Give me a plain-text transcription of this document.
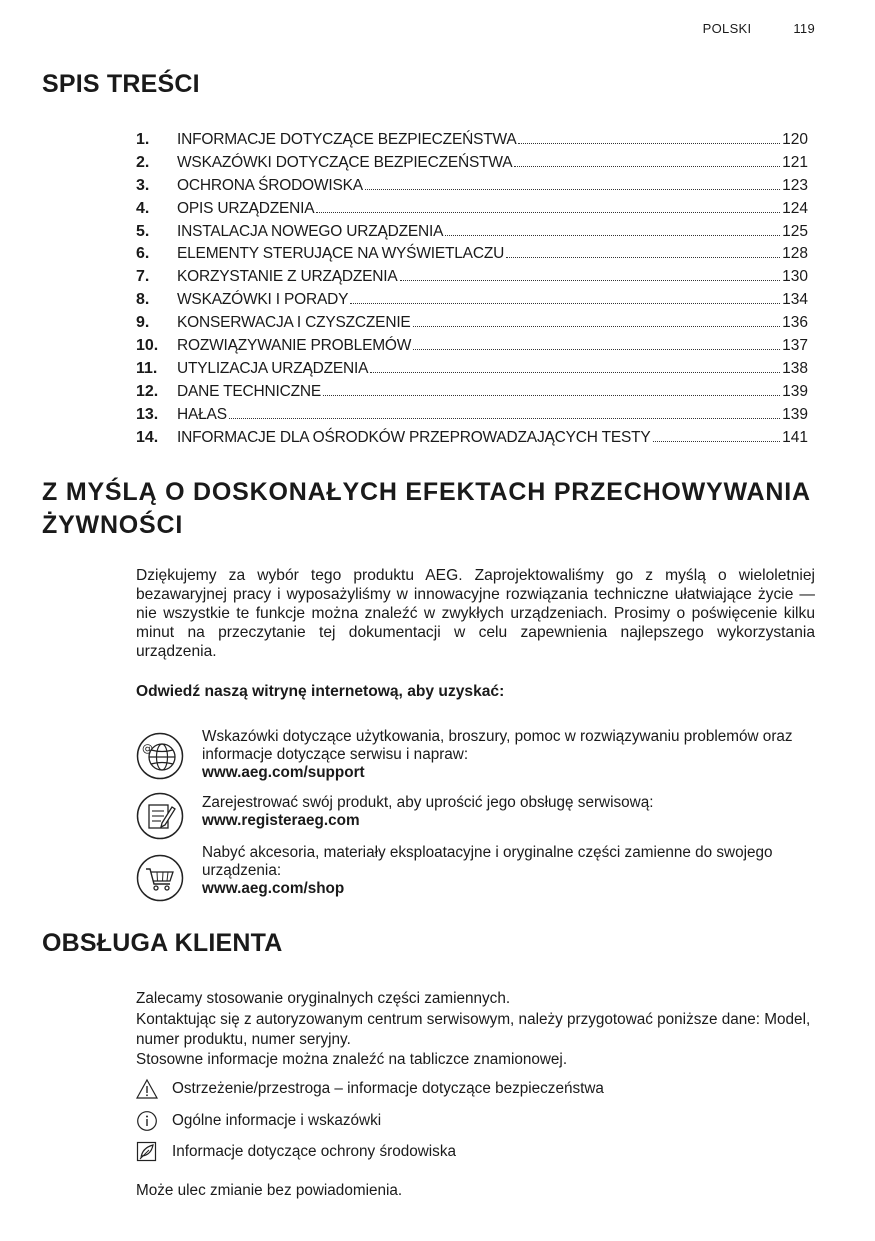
POLSKI	119
SPIS TREŚCI
1.	INFORMACJE DOTYCZĄCE BEZPIECZEŃSTWA	120
2.	WSKAZÓWKI DOTYCZĄCE BEZPIECZEŃSTWA	121
3.	OCHRONA ŚRODOWISKA	123
4.	OPIS URZĄDZENIA	124
5.	INSTALACJA NOWEGO URZĄDZENIA	125
6.	ELEMENTY STERUJĄCE NA WYŚWIETLACZU	128
7.	KORZYSTANIE Z URZĄDZENIA	130
8.	WSKAZÓWKI I PORADY	134
9.	KONSERWACJA I CZYSZCZENIE	136
10.	ROZWIĄZYWANIE PROBLEMÓW	137
11.	UTYLIZACJA URZĄDZENIA	138
12.	DANE TECHNICZNE	139
13.	HAŁAS	139
14.	INFORMACJE DLA OŚRODKÓW PRZEPROWADZAJĄCYCH TESTY	141
Z MYŚLĄ O DOSKONAŁYCH EFEKTACH PRZECHOWYWANIA ŻYWNOŚCI
Dziękujemy za wybór tego produktu AEG. Zaprojektowaliśmy go z myślą o wieloletniej bezawaryjnej pracy i wyposażyliśmy w innowacyjne rozwiązania techniczne ułatwiające życie — nie wszystkie te funkcje można znaleźć w zwykłych urządzeniach. Prosimy o poświęcenie kilku minut na przeczytanie tej dokumentacji w celu zapewnienia najlepszego wykorzystania urządzenia.
Odwiedź naszą witrynę internetową, aby uzyskać:
@
Wskazówki dotyczące użytkowania, broszury, pomoc w rozwiązywaniu problemów oraz informacje dotyczące serwisu i napraw:
www.aeg.com/support
Zarejestrować swój produkt, aby uprościć jego obsługę serwisową:
www.registeraeg.com
Nabyć akcesoria, materiały eksploatacyjne i oryginalne części zamienne do swojego urządzenia:
www.aeg.com/shop
OBSŁUGA KLIENTA
Zalecamy stosowanie oryginalnych części zamiennych.
Kontaktując się z autoryzowanym centrum serwisowym, należy przygotować poniższe dane: Model, numer produktu, numer seryjny.
Stosowne informacje można znaleźć na tabliczce znamionowej.
Ostrzeżenie/przestroga – informacje dotyczące bezpieczeństwa
Ogólne informacje i wskazówki
Informacje dotyczące ochrony środowiska
Może ulec zmianie bez powiadomienia.
